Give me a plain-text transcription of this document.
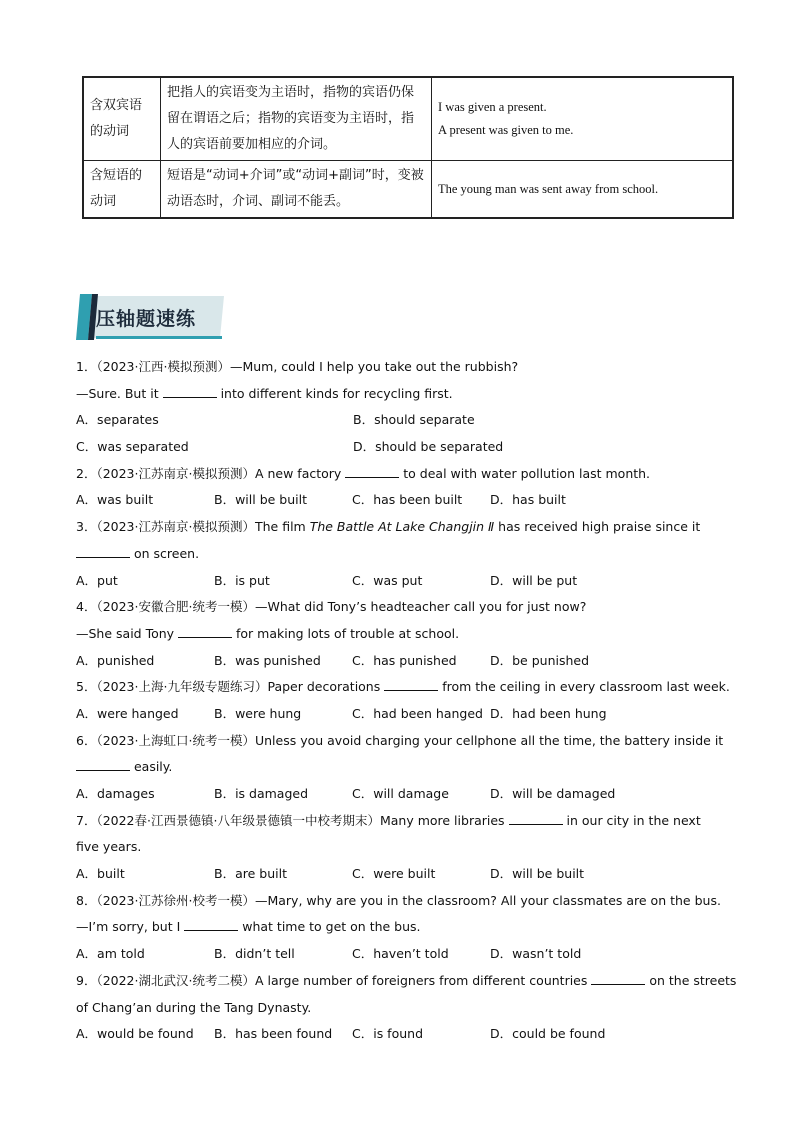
含双宾语的动词	把指人的宾语变为主语时，指物的宾语仍保留在谓语之后；指物的宾语变为主语时，指人的宾语前要加相应的介词。	I was given a present.
A present was given to me.

含短语的动词	短语是“动词+介词”或“动词+副词”时，变被动语态时，介词、副词不能丢。	The young man was sent away from school.
压轴题速练
1．（2023·江西·模拟预测）—Mum, could I help you take out the rubbish?
—Sure. But it	into different kinds for recycling first.
A．separates	B．should separate
C．was separated	D．should be separated
2．（2023·江苏南京·模拟预测）A new factory	to deal with water pollution last month.
A．was built	B．will be built	C．has been built	D．has built
3．（2023·江苏南京·模拟预测）The film The Battle At Lake Changjin Ⅱ has received high praise since it
on screen.
A．put	B．is put	C．was put	D．will be put
4．（2023·安徽合肥·统考一模）—What did Tony’s headteacher call you for just now?
—She said Tony	for making lots of trouble at school.
A．punished	B．was punished	C．has punished	D．be punished
5．（2023·上海·九年级专题练习）Paper decorations	from the ceiling in every classroom last week.
A．were hanged	B．were hung	C．had been hanged D．had been hung
6．（2023·上海虹口·统考一模）Unless you avoid charging your cellphone all the time, the battery inside it
easily.
A．damages	B．is damaged	C．will damage	D．will be damaged
7．（2022春·江西景德镇·八年级景德镇一中校考期末）Many more libraries	in our city in the next
five years.
A．built	B．are built	C．were built	D．will be built
8．（2023·江苏徐州·校考一模）—Mary, why are you in the classroom? All your classmates are on the bus.
—I’m sorry, but I	what time to get on the bus.
A．am told	B．didn’t tell	C．haven’t told	D．wasn’t told
9．（2022·湖北武汉·统考二模）A large number of foreigners from different countries	on the streets
of Chang’an during the Tang Dynasty.
A．would be found	B．has been found	C．is found	D．could be found
